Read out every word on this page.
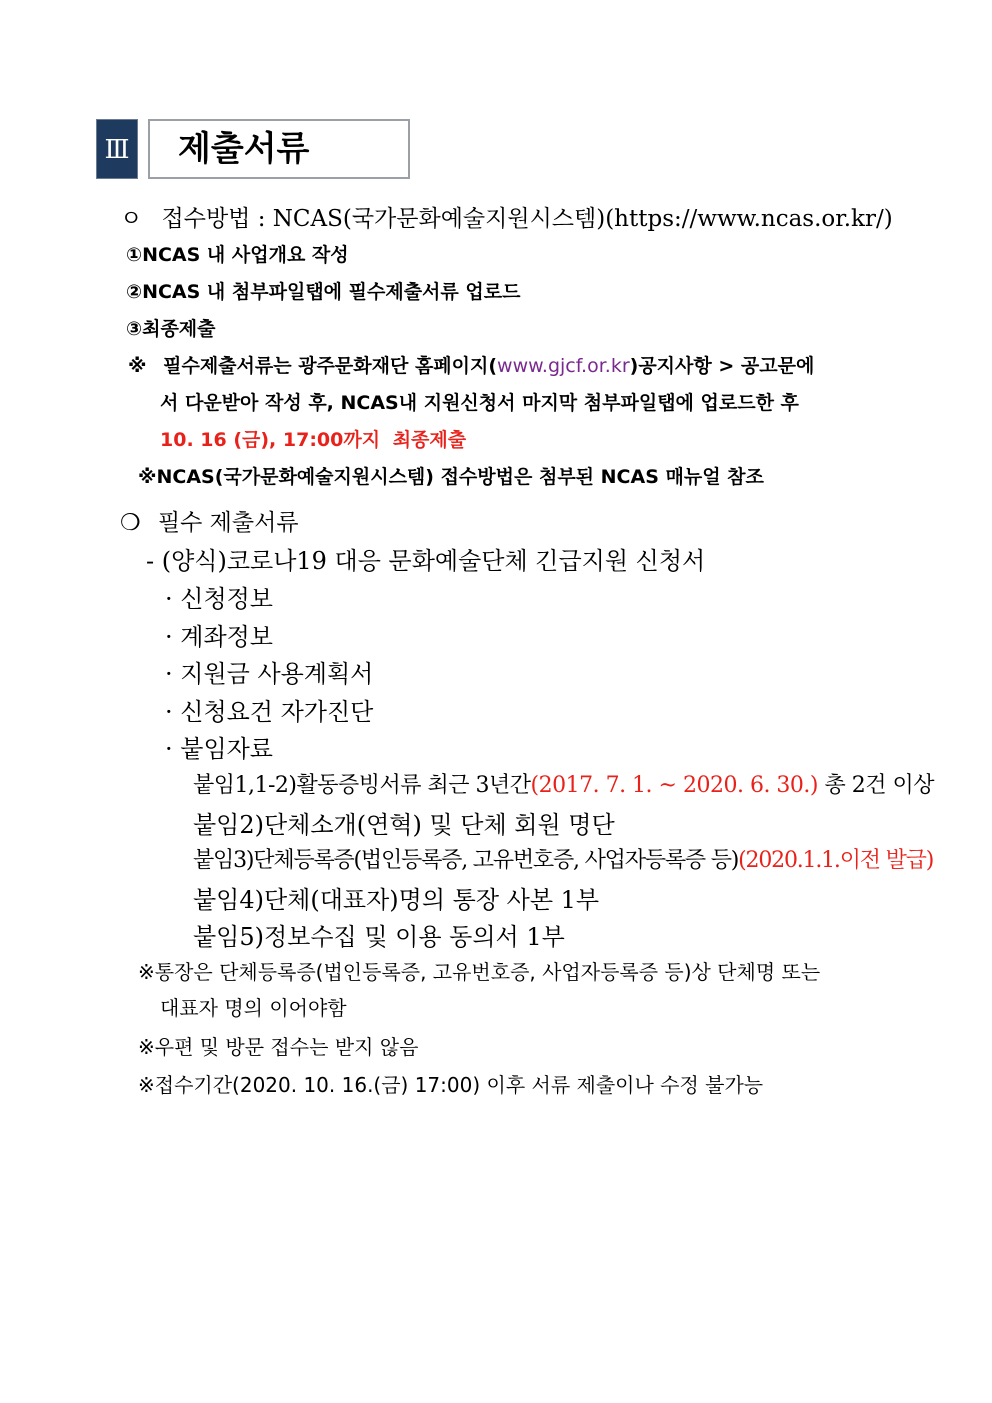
Ⅲ	제출서류
ㅇ 접수방법 : NCAS(국가문화예술지원시스템)(https://www.ncas.or.kr/)
①NCAS 내 사업개요 작성
②NCAS 내 첨부파일탭에 필수제출서류 업로드
③최종제출
※ 필수제출서류는 광주문화재단 홈페이지(www.gjcf.or.kr)공지사항 > 공고문에
서 다운받아 작성 후, NCAS내 지원신청서 마지막 첨부파일탭에 업로드한 후
10. 16 (금), 17:00까지 최종제출
※NCAS(국가문화예술지원시스템) 접수방법은 첨부된 NCAS 매뉴얼 참조
❍ 필수 제출서류
- (양식)코로나19 대응 문화예술단체 긴급지원 신청서
· 신청정보
· 계좌정보
· 지원금 사용계획서
· 신청요건 자가진단
· 붙임자료
붙임1,1-2)활동증빙서류 최근 3년간(2017. 7. 1. ~ 2020. 6. 30.) 총 2건 이상
붙임2)단체소개(연혁) 및 단체 회원 명단
붙임3)단체등록증(법인등록증, 고유번호증, 사업자등록증 등)(2020.1.1.이전 발급)
붙임4)단체(대표자)명의 통장 사본 1부
붙임5)정보수집 및 이용 동의서 1부
※통장은 단체등록증(법인등록증, 고유번호증, 사업자등록증 등)상 단체명 또는
대표자 명의 이어야함
※우편 및 방문 접수는 받지 않음
※접수기간(2020. 10. 16.(금) 17:00) 이후 서류 제출이나 수정 불가능
